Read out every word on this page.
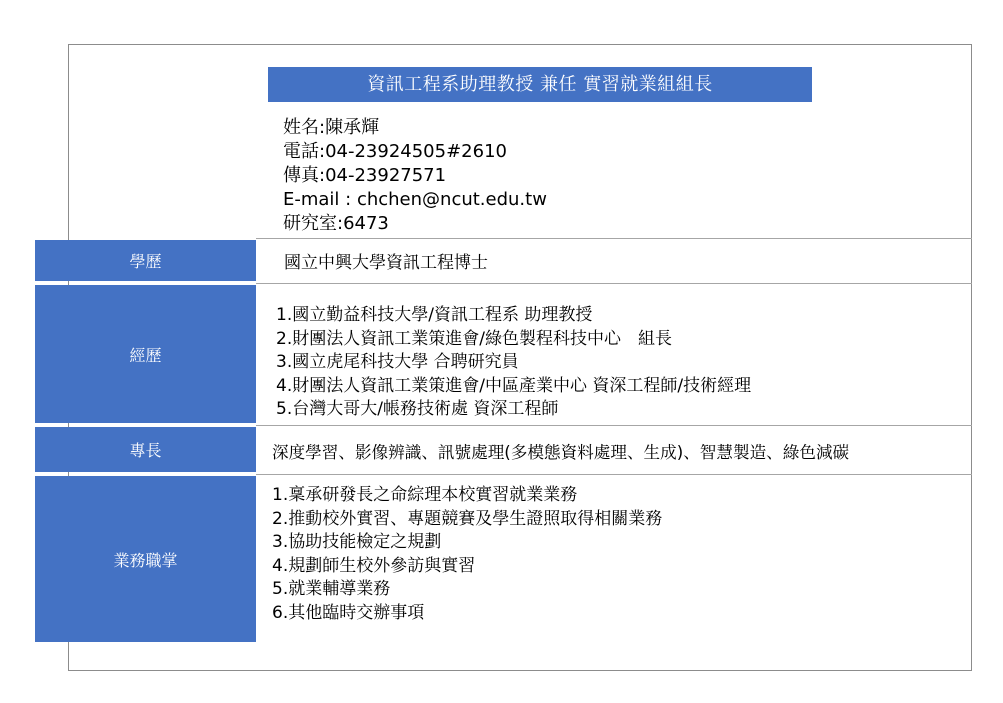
資訊工程系助理教授 兼任 實習就業組組長
姓名:陳承輝
電話:04-23924505#2610
傳真:04-23927571
E-mail : chchen@ncut.edu.tw
研究室:6473
學歷	國立中興大學資訊工程博士
經歷
1.國立勤益科技大學/資訊工程系 助理教授
2.財團法人資訊工業策進會/綠色製程科技中心　組長
3.國立虎尾科技大學 合聘研究員
4.財團法人資訊工業策進會/中區產業中心 資深工程師/技術經理
5.台灣大哥大/帳務技術處 資深工程師
專長	深度學習、影像辨識、訊號處理(多模態資料處理、生成)、智慧製造、綠色減碳
業務職掌
1.稟承研發長之命綜理本校實習就業業務
2.推動校外實習、專題競賽及學生證照取得相關業務
3.協助技能檢定之規劃
4.規劃師生校外參訪與實習
5.就業輔導業務
6.其他臨時交辦事項
